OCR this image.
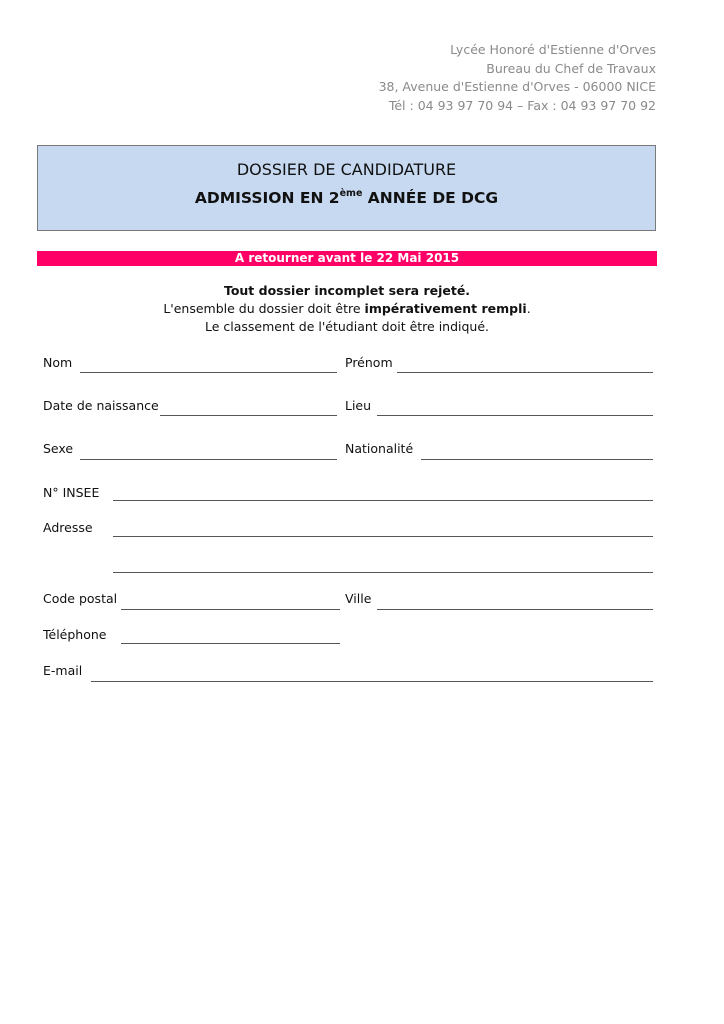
Lycée Honoré d'Estienne d'Orves
Bureau du Chef de Travaux
38, Avenue d'Estienne d'Orves - 06000 NICE
Tél : 04 93 97 70 94 – Fax : 04 93 97 70 92
DOSSIER DE CANDIDATURE
ADMISSION EN 2ème ANNÉE DE DCG
A retourner avant le 22 Mai 2015
Tout dossier incomplet sera rejeté.
L'ensemble du dossier doit être impérativement rempli.
Le classement de l'étudiant doit être indiqué.
Nom	Prénom
Date de naissance	Lieu
Sexe	Nationalité
N° INSEE
Adresse
Code postal	Ville
Téléphone
E-mail
